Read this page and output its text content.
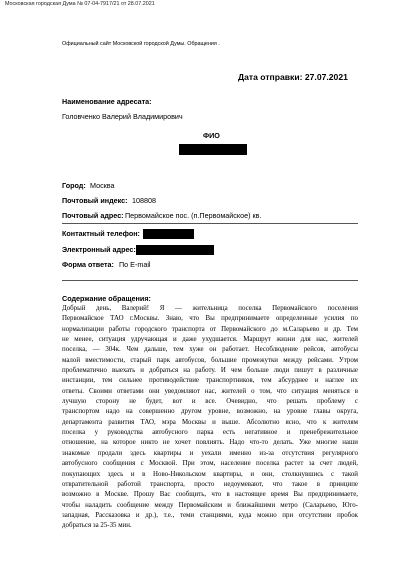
Московская городская Дума № 07-04-7917/21 от 28.07.2021
Официальный сайт Московской городской Думы. Обращения .
Дата отправки: 27.07.2021
Наименование адресата:
Головченко Валерий Владимирович
ФИО
Город: Москва
Почтовый индекс: 108808
Почтовый адрес: Первомайское пос. (п.Первомайское) кв.
Контактный телефон:
Электронный адрес:
Форма ответа: По E-mail
Содержание обращения:
Добрый день, Валерий! Я — жительница поселка Первомайского поселения
Первомайское ТАО г.Москвы. Знаю, что Вы предпринимаете определенные усилия по
нормализации работы городского транспорта от Первомайского до м.Саларьево и др. Тем
не менее, ситуация удручающая и даже ухудшается. Маршрут жизни для нас, жителей
поселка, — 304к. Чем дальше, тем хуже он работает. Несоблюдение рейсов, автобусы
малой вместимости, старый парк автобусов, большие промежутки между рейсами. Утром
проблематично выехать и добраться на работу. И чем больше люди пишут в различные
инстанции, тем сильнее противодействие транспортников, тем абсурднее и наглее их
ответы. Своими ответами они уведомляют нас, жителей о том, что ситуация меняться в
лучшую сторону не будет, вот и все. Очевидно, что решать проблему с
транспортом надо на совершенно другом уровне, возможно, на уровне главы округа,
департамента развития ТАО, мэра Москвы и выше. Абсолютно ясно, что к жителям
поселка у руководства автобусного парка есть негативное и пренебрежительное
отношение, на которое никто не хочет повлиять. Надо что-то делать. Уже многие наши
знакомые продали здесь квартиры и уехали именно из-за отсутствия регулярного
автобусного сообщения с Москвой. При этом, население поселка растет за счет людей,
покупающих здесь и в Ново-Никольском квартиры, и они, столкнувшись с такой
отвратительной работой транспорта, просто недоумевают, что такое в принципе
возможно в Москве. Прошу Вас сообщить, что в настоящее время Вы предпринимаете,
чтобы наладить сообщение между Первомайским и ближайшими метро (Саларьево, Юго-
западная, Рассказовка и др.), т.е., теми станциями, куда можно при отсутствии пробок
добраться за 25-35 мин.
